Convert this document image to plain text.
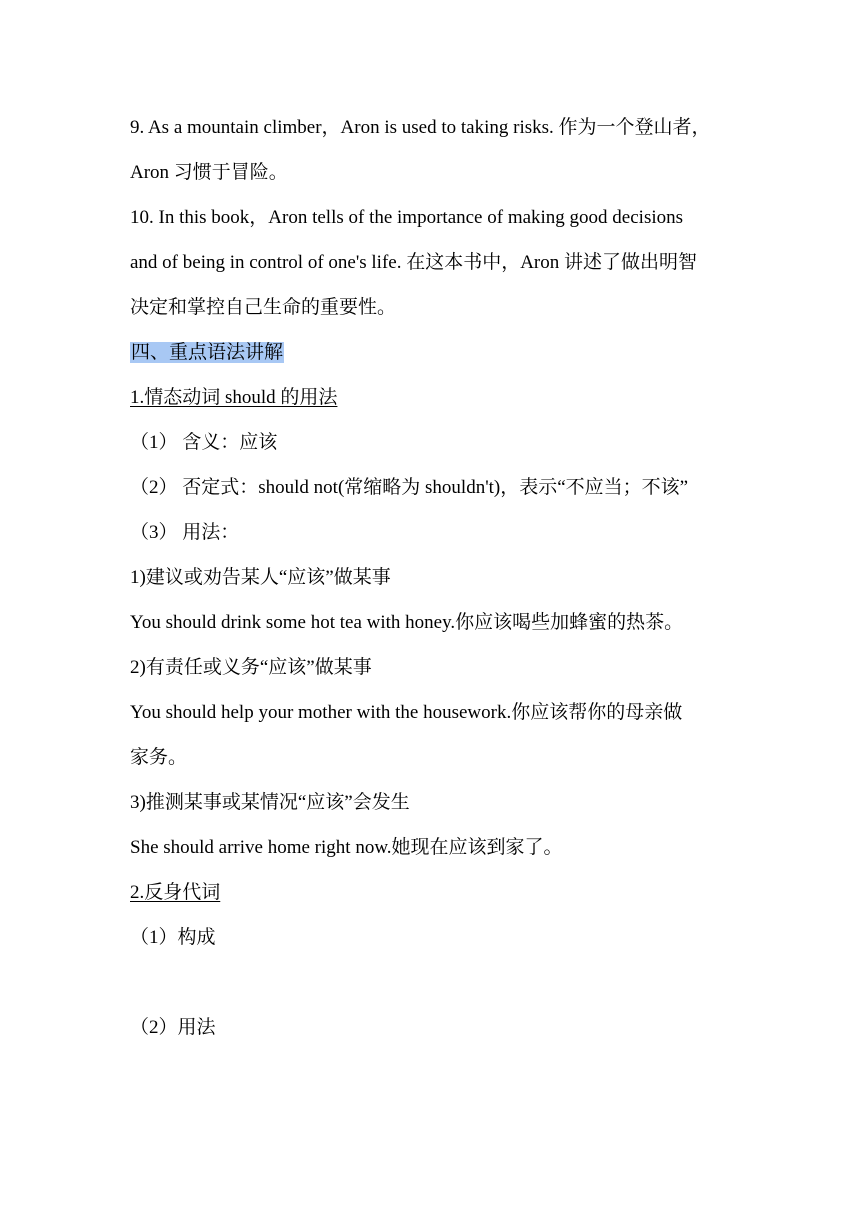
9. As a mountain climber，Aron is used to taking risks. 作为一个登山者，

Aron 习惯于冒险。

10. In this book，Aron tells of the importance of making good decisions

and of being in control of one's life. 在这本书中，Aron 讲述了做出明智

决定和掌控自己生命的重要性。

四、重点语法讲解

1.情态动词 should 的用法

（1） 含义：应该

（2） 否定式：should not(常缩略为 shouldn't)，表示“不应当；不该”

（3） 用法：

1)建议或劝告某人“应该”做某事

You should drink some hot tea with honey.你应该喝些加蜂蜜的热茶。

2)有责任或义务“应该”做某事

You should help your mother with the housework.你应该帮你的母亲做

家务。

3)推测某事或某情况“应该”会发生

She should arrive home right now.她现在应该到家了。

2.反身代词

（1）构成

（2）用法
